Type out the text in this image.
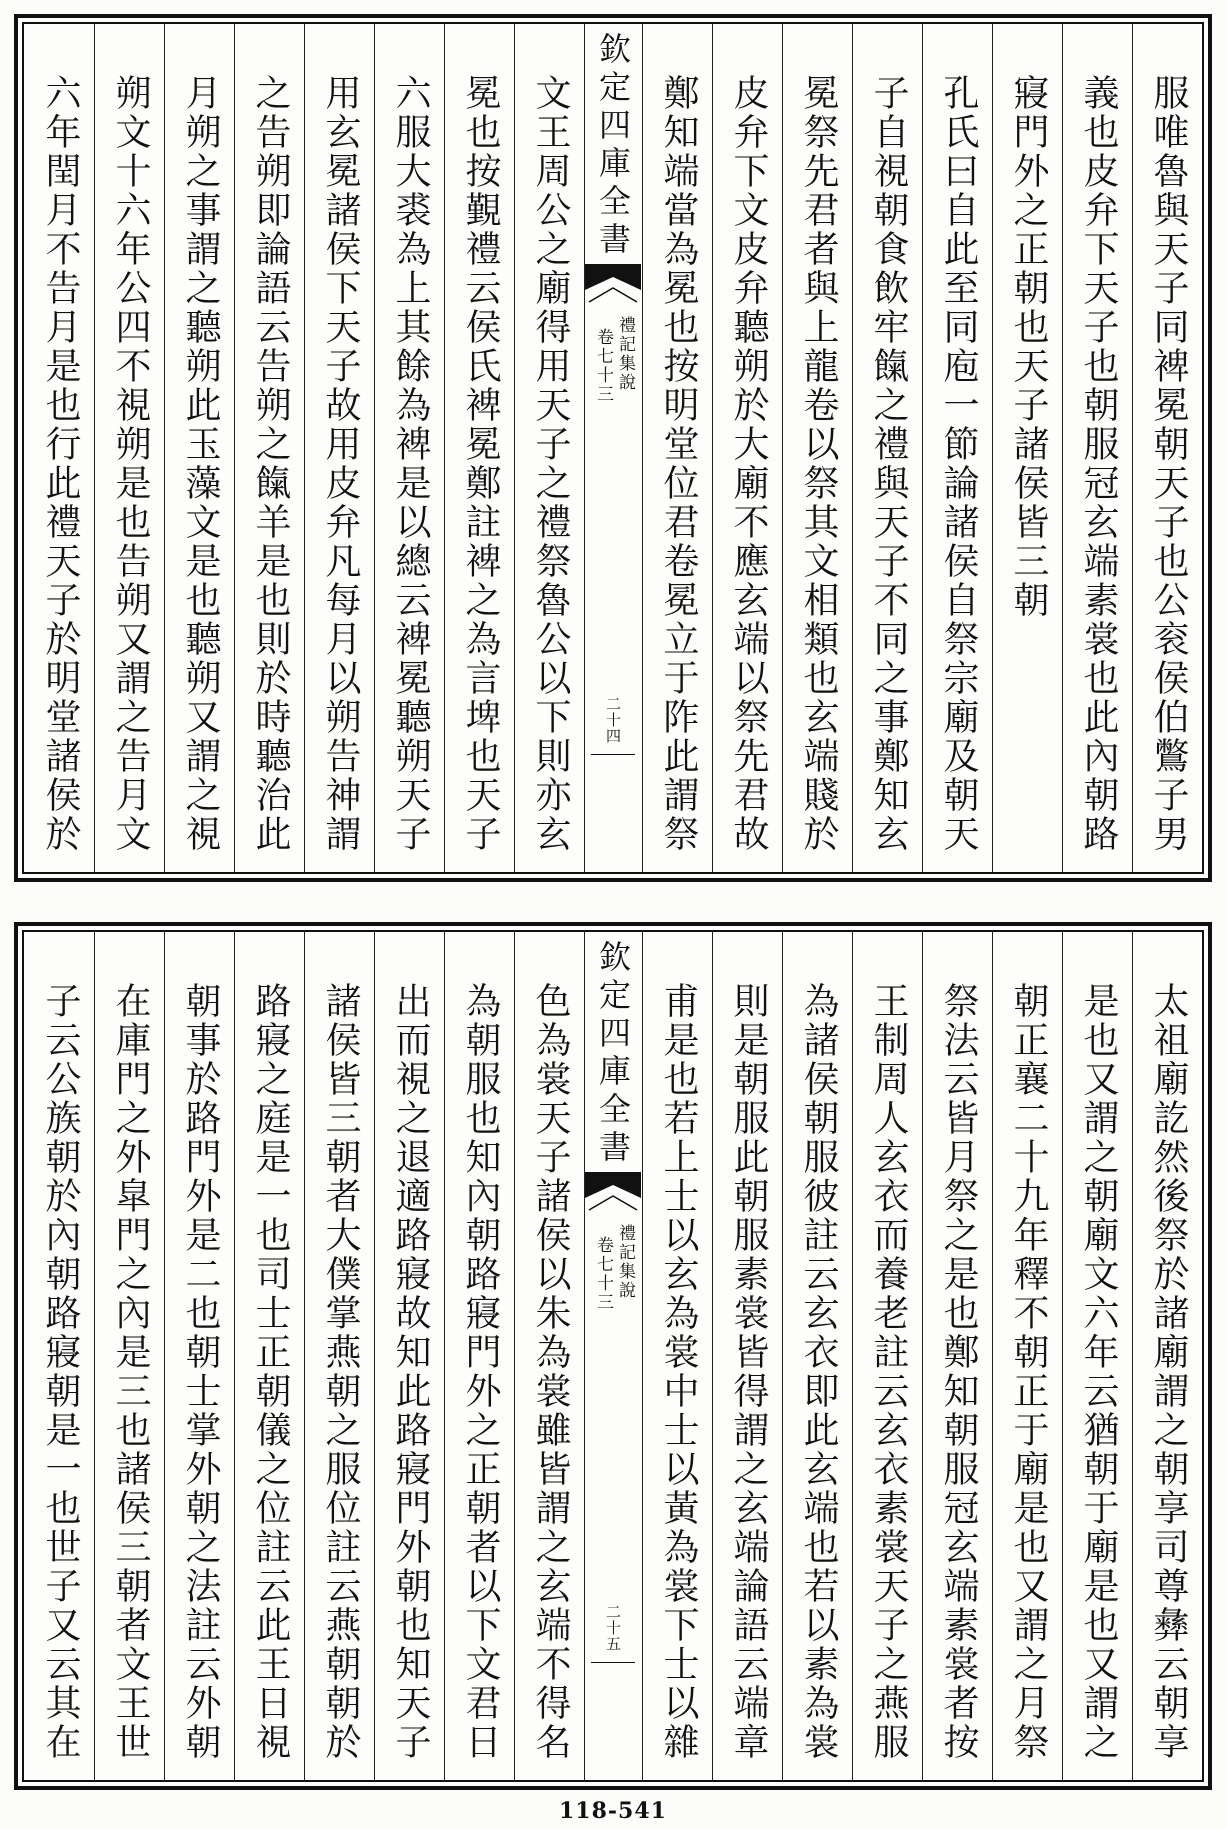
服唯魯與天子同裨冕朝天子也公衮侯伯鷩子男
義也皮弁下天子也朝服冠玄端素裳也此內朝路
寢門外之正朝也天子諸侯皆三朝
孔氏曰自此至同庖一節論諸侯自祭宗廟及朝天
子自視朝食飲牢餼之禮與天子不同之事鄭知玄
冕祭先君者與上龍卷以祭其文相類也玄端賤於
皮弁下文皮弁聽朔於大廟不應玄端以祭先君故
鄭知端當為冕也按明堂位君卷冕立于阼此謂祭
欽定四庫全書
禮記集說
卷七十三
二十四
文王周公之廟得用天子之禮祭魯公以下則亦玄
冕也按覲禮云侯氏裨冕鄭註裨之為言埤也天子
六服大裘為上其餘為裨是以總云裨冕聽朔天子
用玄冕諸侯下天子故用皮弁凡每月以朔告神謂
之告朔即論語云告朔之餼羊是也則於時聽治此
月朔之事謂之聽朔此玉藻文是也聽朔又謂之視
朔文十六年公四不視朔是也告朔又謂之告月文
六年閏月不告月是也行此禮天子於明堂諸侯於
太祖廟訖然後祭於諸廟謂之朝享司尊彝云朝享
是也又謂之朝廟文六年云猶朝于廟是也又謂之
朝正襄二十九年釋不朝正于廟是也又謂之月祭
祭法云皆月祭之是也鄭知朝服冠玄端素裳者按
王制周人玄衣而養老註云玄衣素裳天子之燕服
為諸侯朝服彼註云玄衣即此玄端也若以素為裳
則是朝服此朝服素裳皆得謂之玄端論語云端章
甫是也若上士以玄為裳中士以黃為裳下士以雜
欽定四庫全書
禮記集說
卷七十三
二十五
色為裳天子諸侯以朱為裳雖皆謂之玄端不得名
為朝服也知內朝路寢門外之正朝者以下文君日
出而視之退適路寢故知此路寢門外朝也知天子
諸侯皆三朝者大僕掌燕朝之服位註云燕朝朝於
路寢之庭是一也司士正朝儀之位註云此王日視
朝事於路門外是二也朝士掌外朝之法註云外朝
在庫門之外皐門之內是三也諸侯三朝者文王世
子云公族朝於內朝路寢朝是一也世子又云其在
118-541
